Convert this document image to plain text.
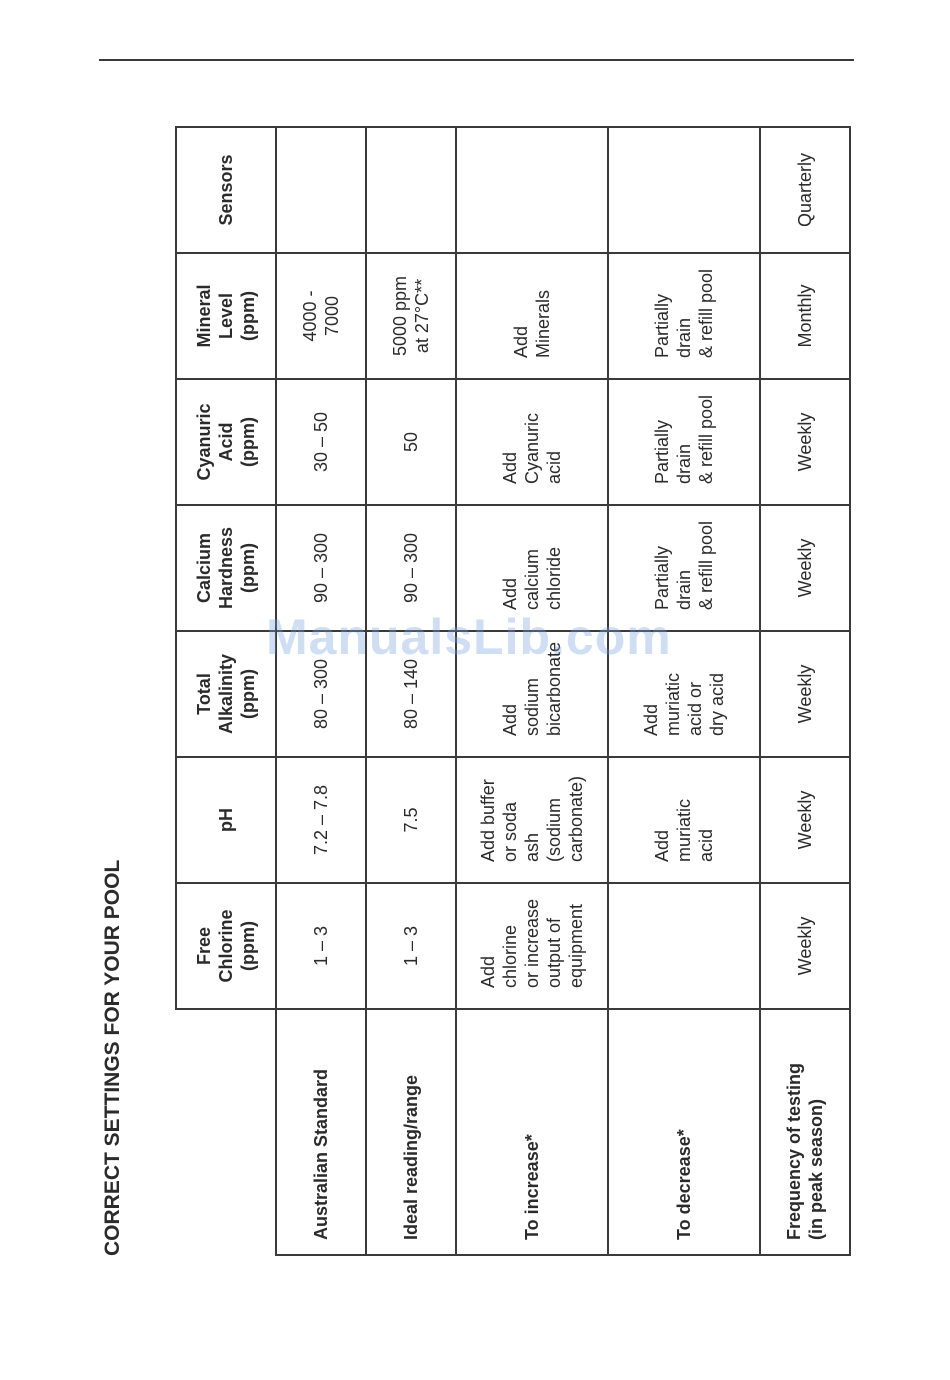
CORRECT SETTINGS FOR YOUR POOL
		Free
Chlorine
(ppm)	pH	Total
Alkalinity
(ppm)	Calcium
Hardness
(ppm)	Cyanuric
Acid
(ppm)	Mineral
Level
(ppm)	Sensors
Australian Standard	1 – 3	7.2 – 7.8	80 – 300	90 – 300	30 – 50	4000 -
7000	
Ideal reading/range	1 – 3	7.5	80 – 140	90 – 300	50	5000 ppm
at 27°C**	
To increase*	Add
chlorine
or increase
output of
equipment	Add buffer
or soda
ash
(sodium
carbonate)	Add
sodium
bicarbonate	Add
calcium
chloride	Add
Cyanuric
acid	Add
Minerals	
To decrease*		Add
muriatic
acid	Add
muriatic
acid or
dry acid	Partially
drain
& refill pool	Partially
drain
& refill pool	Partially
drain
& refill pool	
Frequency of testing
(in peak season)	Weekly	Weekly	Weekly	Weekly	Weekly	Monthly	Quarterly
ManualsLib.com
